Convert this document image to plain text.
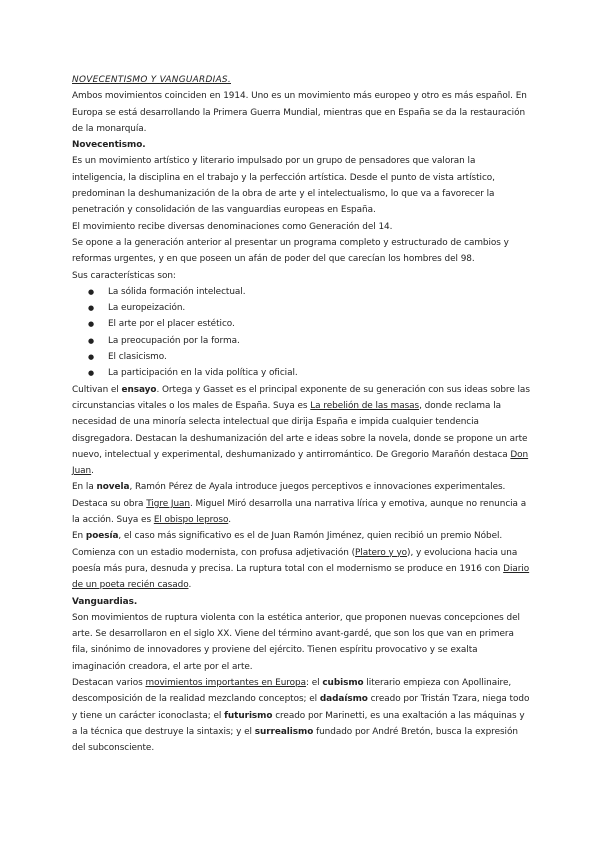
NOVECENTISMO Y VANGUARDIAS.

Ambos movimientos coinciden en 1914. Uno es un movimiento más europeo y otro es más español. En Europa se está desarrollando la Primera Guerra Mundial, mientras que en España se da la restauración de la monarquía.

Novecentismo.

Es un movimiento artístico y literario impulsado por un grupo de pensadores que valoran la inteligencia, la disciplina en el trabajo y la perfección artística. Desde el punto de vista artístico, predominan la deshumanización de la obra de arte y el intelectualismo, lo que va a favorecer la penetración y consolidación de las vanguardias europeas en España.

El movimiento recibe diversas denominaciones como Generación del 14.

Se opone a la generación anterior al presentar un programa completo y estructurado de cambios y reformas urgentes, y en que poseen un afán de poder del que carecían los hombres del 98.

Sus características son:

● La sólida formación intelectual.
● La europeización.
● El arte por el placer estético.
● La preocupación por la forma.
● El clasicismo.
● La participación en la vida política y oficial.

Cultivan el ensayo. Ortega y Gasset es el principal exponente de su generación con sus ideas sobre las circunstancias vitales o los males de España. Suya es La rebelión de las masas, donde reclama la necesidad de una minoría selecta intelectual que dirija España e impida cualquier tendencia disgregadora. Destacan la deshumanización del arte e ideas sobre la novela, donde se propone un arte nuevo, intelectual y experimental, deshumanizado y antirromántico. De Gregorio Marañón destaca Don Juan.

En la novela, Ramón Pérez de Ayala introduce juegos perceptivos e innovaciones experimentales. Destaca su obra Tigre Juan. Miguel Miró desarrolla una narrativa lírica y emotiva, aunque no renuncia a la acción. Suya es El obispo leproso.

En poesía, el caso más significativo es el de Juan Ramón Jiménez, quien recibió un premio Nóbel. Comienza con un estadio modernista, con profusa adjetivación (Platero y yo), y evoluciona hacia una poesía más pura, desnuda y precisa. La ruptura total con el modernismo se produce en 1916 con Diario de un poeta recién casado.

Vanguardias.

Son movimientos de ruptura violenta con la estética anterior, que proponen nuevas concepciones del arte. Se desarrollaron en el siglo XX. Viene del término avant-gardé, que son los que van en primera fila, sinónimo de innovadores y proviene del ejército. Tienen espíritu provocativo y se exalta imaginación creadora, el arte por el arte.

Destacan varios movimientos importantes en Europa: el cubismo literario empieza con Apollinaire, descomposición de la realidad mezclando conceptos; el dadaísmo creado por Tristán Tzara, niega todo y tiene un carácter iconoclasta; el futurismo creado por Marinetti, es una exaltación a las máquinas y a la técnica que destruye la sintaxis; y el surrealismo fundado por André Bretón, busca la expresión del subconsciente.
